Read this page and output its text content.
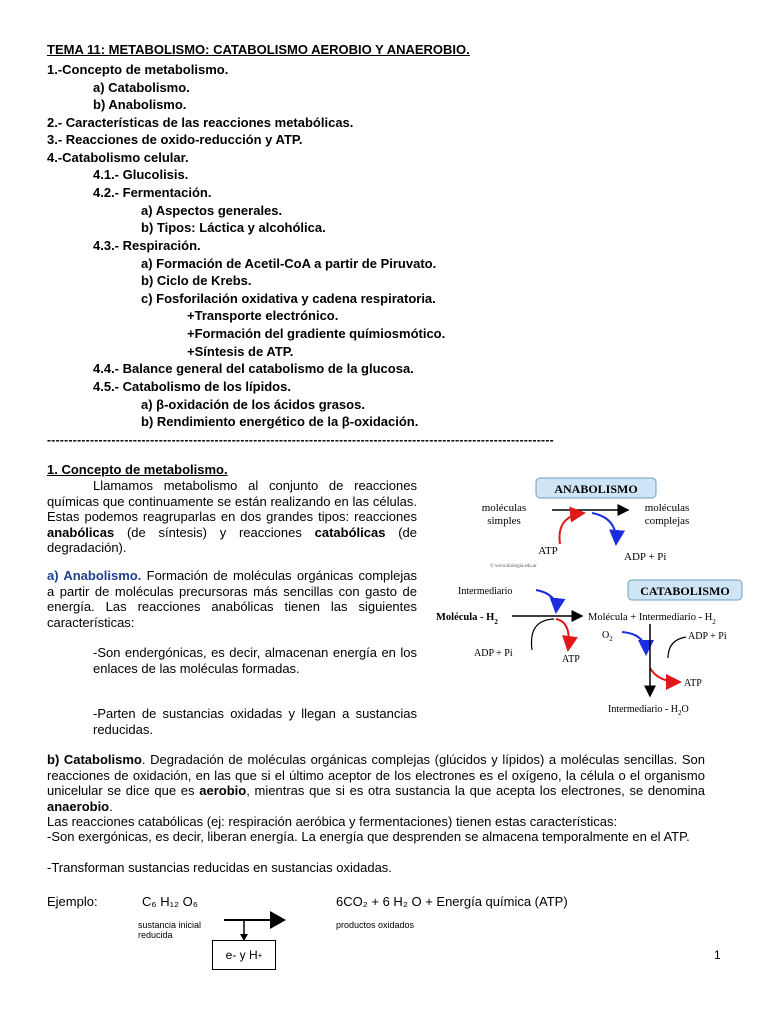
TEMA 11: METABOLISMO: CATABOLISMO AEROBIO Y ANAEROBIO.
1.-Concepto de metabolismo.
a) Catabolismo.
b) Anabolismo.
2.- Características de las reacciones metabólicas.
3.- Reacciones de oxido-reducción y ATP.
4.-Catabolismo celular.
4.1.- Glucolisis.
4.2.- Fermentación.
a) Aspectos generales.
b) Tipos: Láctica y alcohólica.
4.3.- Respiración.
a) Formación de Acetil-CoA a partir de Piruvato.
b) Ciclo de Krebs.
c) Fosforilación oxidativa y cadena respiratoria.
+Transporte electrónico.
+Formación del gradiente químiosmótico.
+Síntesis de ATP.
4.4.- Balance general del catabolismo de la glucosa.
4.5.- Catabolismo de los lípidos.
a) β-oxidación de los ácidos grasos.
b) Rendimiento energético de la β-oxidación.
----------------------------------------------------------------------------------------------------------------------
1. Concepto de metabolismo.
Llamamos metabolismo al conjunto de reacciones químicas que continuamente se están realizando en las células. Estas podemos reagruparlas en dos grandes tipos: reacciones anabólicas (de síntesis) y reacciones catabólicas (de degradación).
a) Anabolismo. Formación de moléculas orgánicas complejas a partir de moléculas precursoras más sencillas con gasto de energía. Las reacciones anabólicas tienen las siguientes características:
-Son endergónicas, es decir, almacenan energía en los enlaces de las moléculas formadas.
-Parten de sustancias oxidadas y llegan a sustancias reducidas.
ANABOLISMO
moléculas
simples
moléculas
complejas
ATP	ADP + Pi
© www.biologia.edu.ar
CATABOLISMO
Intermediario
Molécula - $H_2$	Molécula + Intermediario - $H_2$
ADP + Pi
ATP
$O_2$	ADP + Pi
ATP
Intermediario - $H_2O$
b) Catabolismo. Degradación de moléculas orgánicas complejas (glúcidos y lípidos) a moléculas sencillas. Son reacciones de oxidación, en las que si el último aceptor de los electrones es el oxígeno, la célula o el organismo unicelular se dice que es aerobio, mientras que si es otra sustancia la que acepta los electrones, se denomina anaerobio.
Las reacciones catabólicas (ej: respiración aeróbica y fermentaciones) tienen estas características:
-Son exergónicas, es decir, liberan energía. La energía que desprenden se almacena temporalmente en el ATP.
-Transforman sustancias reducidas en sustancias oxidadas.
Ejemplo:	C₆ H₁₂ O₆	6CO₂ + 6 H₂ O + Energía química (ATP)
sustancia inicial
reducida
productos oxidados
e- y H +	1
